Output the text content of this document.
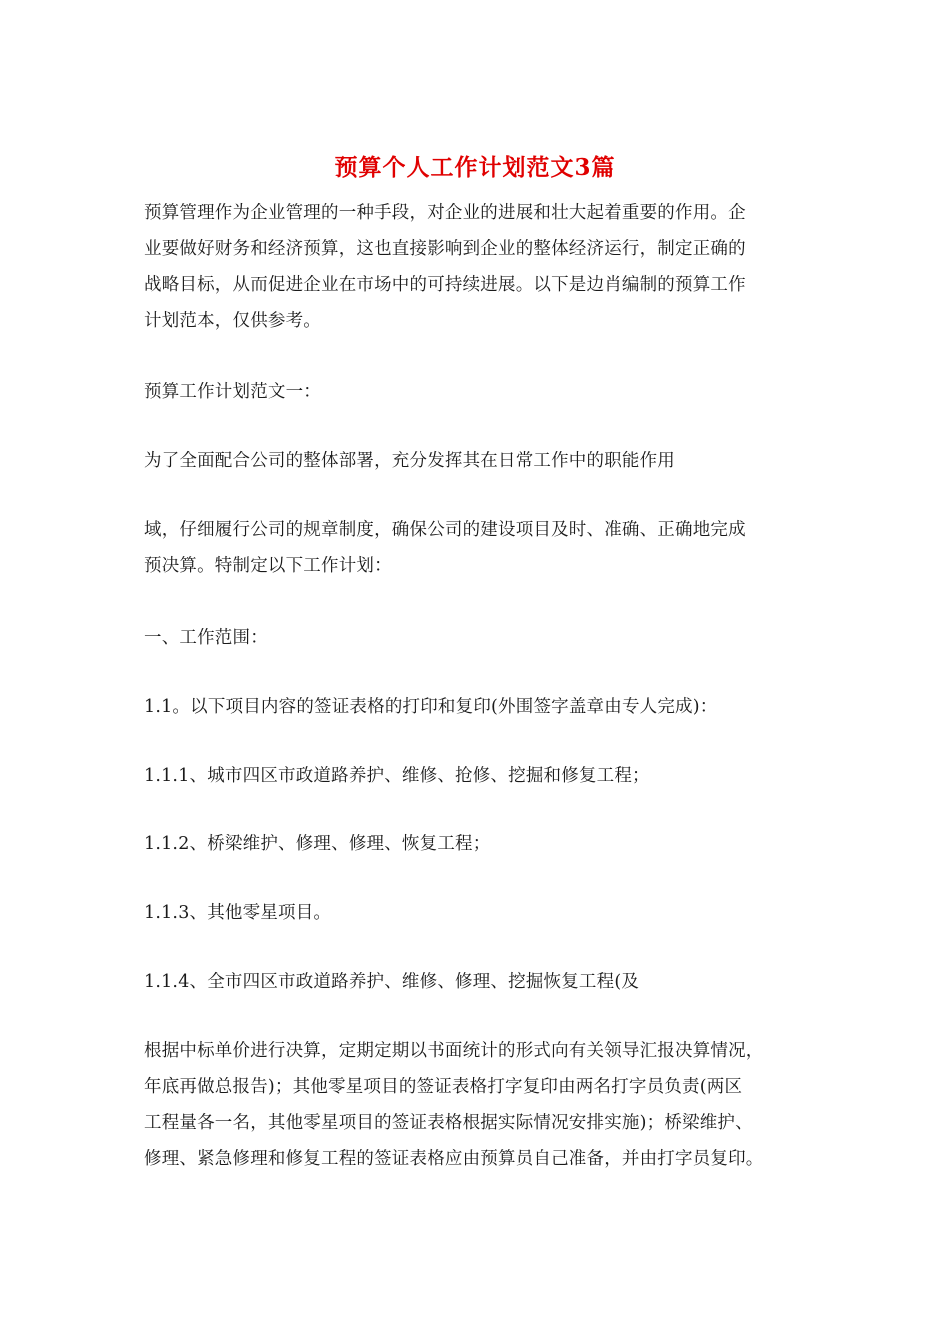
预算个人工作计划范文3篇

预算管理作为企业管理的一种手段，对企业的进展和壮大起着重要的作用。企
业要做好财务和经济预算，这也直接影响到企业的整体经济运行，制定正确的
战略目标，从而促进企业在市场中的可持续进展。以下是边肖编制的预算工作
计划范本，仅供参考。

预算工作计划范文一：

为了全面配合公司的整体部署，充分发挥其在日常工作中的职能作用

域，仔细履行公司的规章制度，确保公司的建设项目及时、准确、正确地完成
预决算。特制定以下工作计划：

一、工作范围：

1.1。以下项目内容的签证表格的打印和复印(外围签字盖章由专人完成)：

1.1.1、城市四区市政道路养护、维修、抢修、挖掘和修复工程；

1.1.2、桥梁维护、修理、修理、恢复工程；

1.1.3、其他零星项目。

1.1.4、全市四区市政道路养护、维修、修理、挖掘恢复工程(及

根据中标单价进行决算，定期定期以书面统计的形式向有关领导汇报决算情况，
年底再做总报告)；其他零星项目的签证表格打字复印由两名打字员负责(两区
工程量各一名，其他零星项目的签证表格根据实际情况安排实施)；桥梁维护、
修理、紧急修理和修复工程的签证表格应由预算员自己准备，并由打字员复印。
